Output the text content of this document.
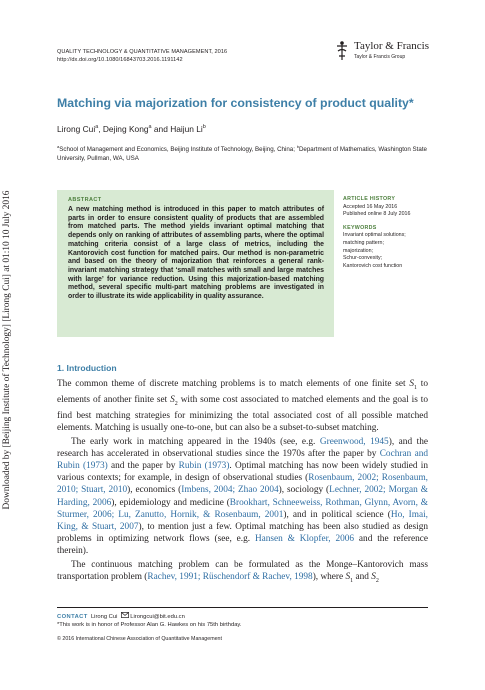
Downloaded by [Beijing Institute of Technology] [Lirong Cui] at 01:10 10 July 2016
QUALITY TECHNOLOGY & QUANTITATIVE MANAGEMENT, 2016
http://dx.doi.org/10.1080/16843703.2016.1191142
Taylor & Francis
Taylor & Francis Group
Matching via majorization for consistency of product quality*
Lirong Cui$^a$, Dejing Kong$^a$ and Haijun Li$^b$
$^a$School of Management and Economics, Beijing Institute of Technology, Beijing, China; $^b$Department of Mathematics, Washington State University, Pullman, WA, USA
ABSTRACT
A new matching method is introduced in this paper to match attributes of parts in order to ensure consistent quality of products that are assembled from matched parts. The method yields invariant optimal matching that depends only on ranking of attributes of assembling parts, where the optimal matching criteria consist of a large class of metrics, including the Kantorovich cost function for matched pairs. Our method is non-parametric and based on the theory of majorization that reinforces a general rank-invariant matching strategy that ‘small matches with small and large matches with large’ for variance reduction. Using this majorization-based matching method, several specific multi-part matching problems are investigated in order to illustrate its wide applicability in quality assurance.
ARTICLE HISTORY
Accepted 16 May 2016
Published online 8 July 2016
KEYWORDS
Invariant optimal solutions;
matching pattern;
majorization;
Schur-convexity;
Kantorovich cost function
1. Introduction

The common theme of discrete matching problems is to match elements of one finite set $S_1$ to elements of another finite set $S_2$ with some cost associated to matched elements and the goal is to find best matching strategies for minimizing the total associated cost of all possible matched elements. Matching is usually one-to-one, but can also be a subset-to-subset matching.

The early work in matching appeared in the 1940s (see, e.g. Greenwood, 1945), and the research has accelerated in observational studies since the 1970s after the paper by Cochran and Rubin (1973) and the paper by Rubin (1973). Optimal matching has now been widely studied in various contexts; for example, in design of observational studies (Rosenbaum, 2002; Rosenbaum, 2010; Stuart, 2010), economics (Imbens, 2004; Zhao 2004), sociology (Lechner, 2002; Morgan & Harding, 2006), epidemiology and medicine (Brookhart, Schneeweiss, Rothman, Glynn, Avorn, & Sturmer, 2006; Lu, Zanutto, Hornik, & Rosenbaum, 2001), and in political science (Ho, Imai, King, & Stuart, 2007), to mention just a few. Optimal matching has been also studied as design problems in optimizing network flows (see, e.g. Hansen & Klopfer, 2006 and the reference therein).

The continuous matching problem can be formulated as the Monge–Kantorovich mass transportation problem (Rachev, 1991; Rüschendorf & Rachev, 1998), where $S_1$ and $S_2$

CONTACT Lirong Cui Lirongcui@bit.edu.cn
*This work is in honor of Professor Alan G. Hawkes on his 75th birthday.
© 2016 International Chinese Association of Quantitative Management
